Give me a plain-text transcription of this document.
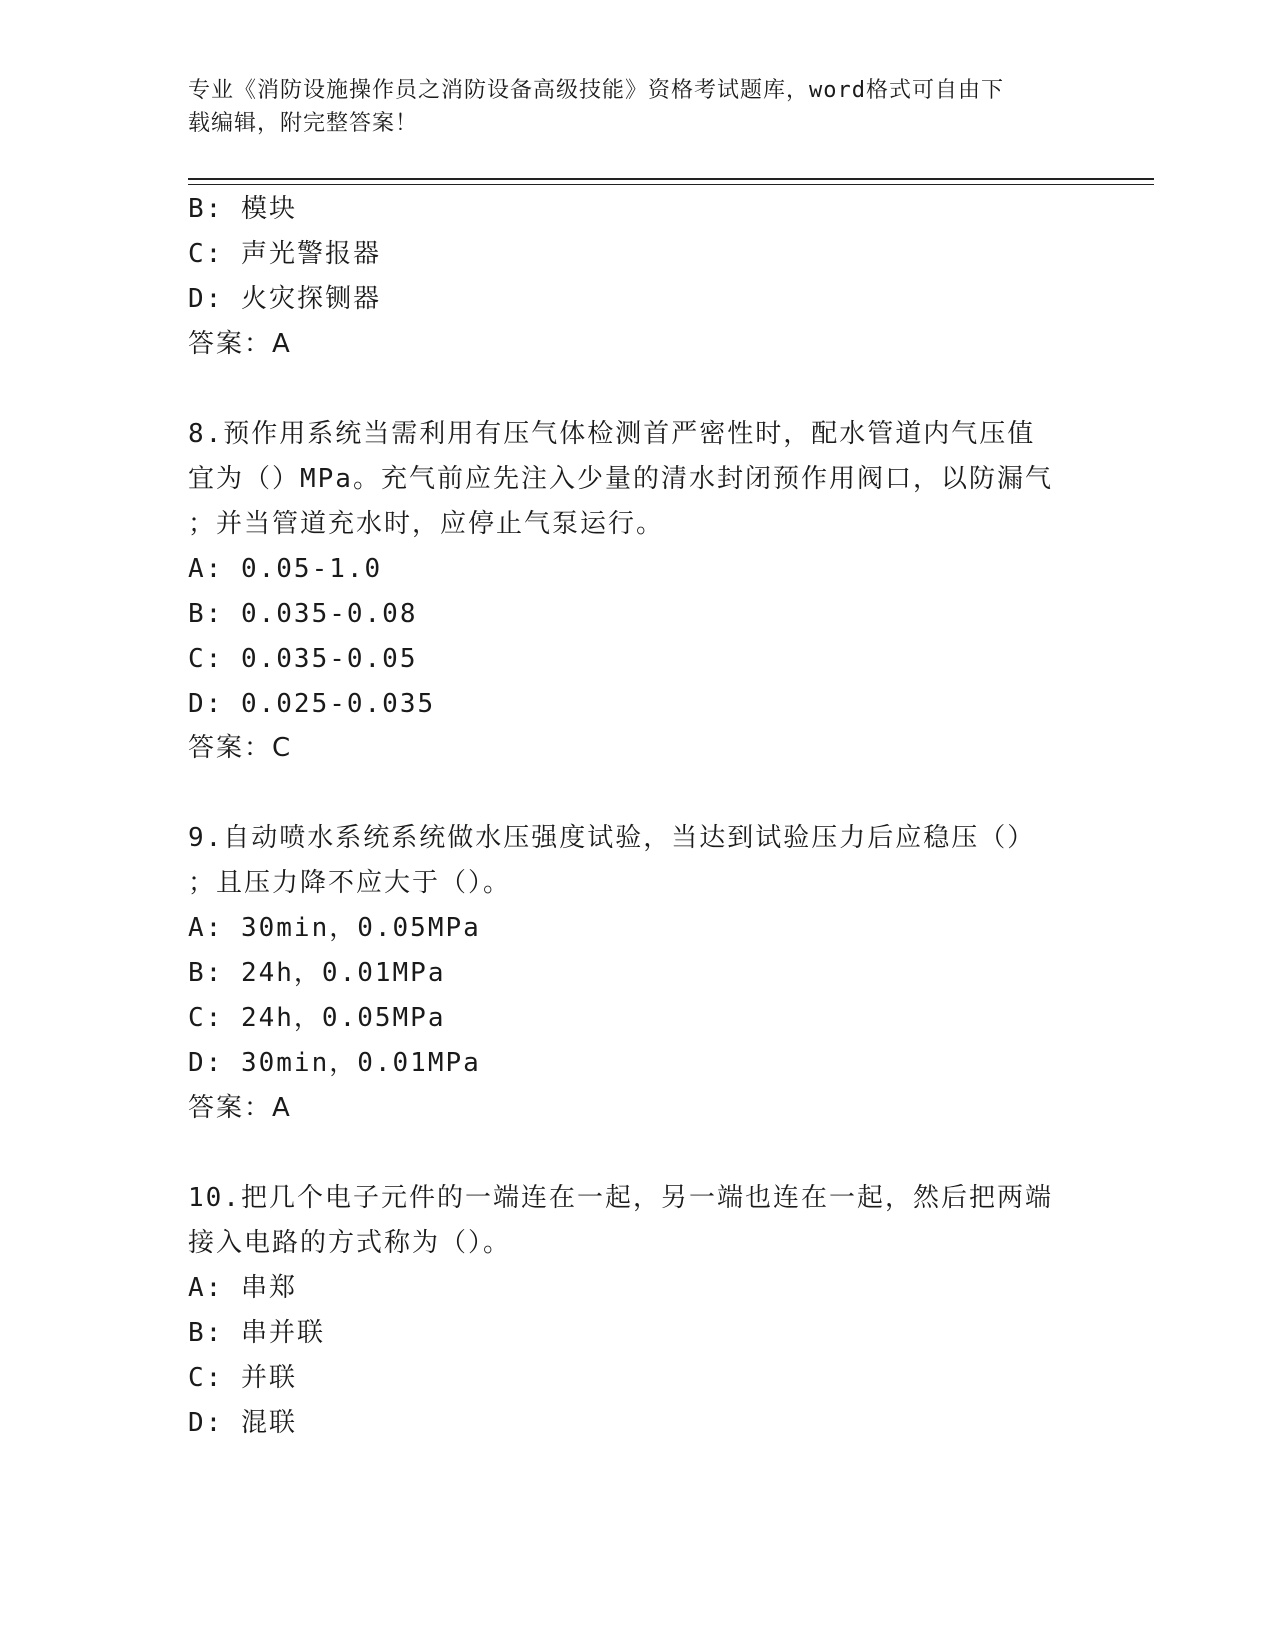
专业《消防设施操作员之消防设备高级技能》资格考试题库，word格式可自由下
载编辑，附完整答案！
B: 模块
C: 声光警报器
D: 火灾探铡器
答案：A
8.预作用系统当需利用有压气体检测首严密性时，配水管道内气压值
宜为（）MPa。充气前应先注入少量的清水封闭预作用阀口，以防漏气
；并当管道充水时，应停止气泵运行。
A: 0.05-1.0
B: 0.035-0.08
C: 0.035-0.05
D: 0.025-0.035
答案：C
9.自动喷水系统系统做水压强度试验，当达到试验压力后应稳压（）
；且压力降不应大于（）。
A: 30min，0.05MPa
B: 24h，0.01MPa
C: 24h，0.05MPa
D: 30min，0.01MPa
答案：A
10.把几个电子元件的一端连在一起，另一端也连在一起，然后把两端
接入电路的方式称为（）。
A: 串郑
B: 串并联
C: 并联
D: 混联
